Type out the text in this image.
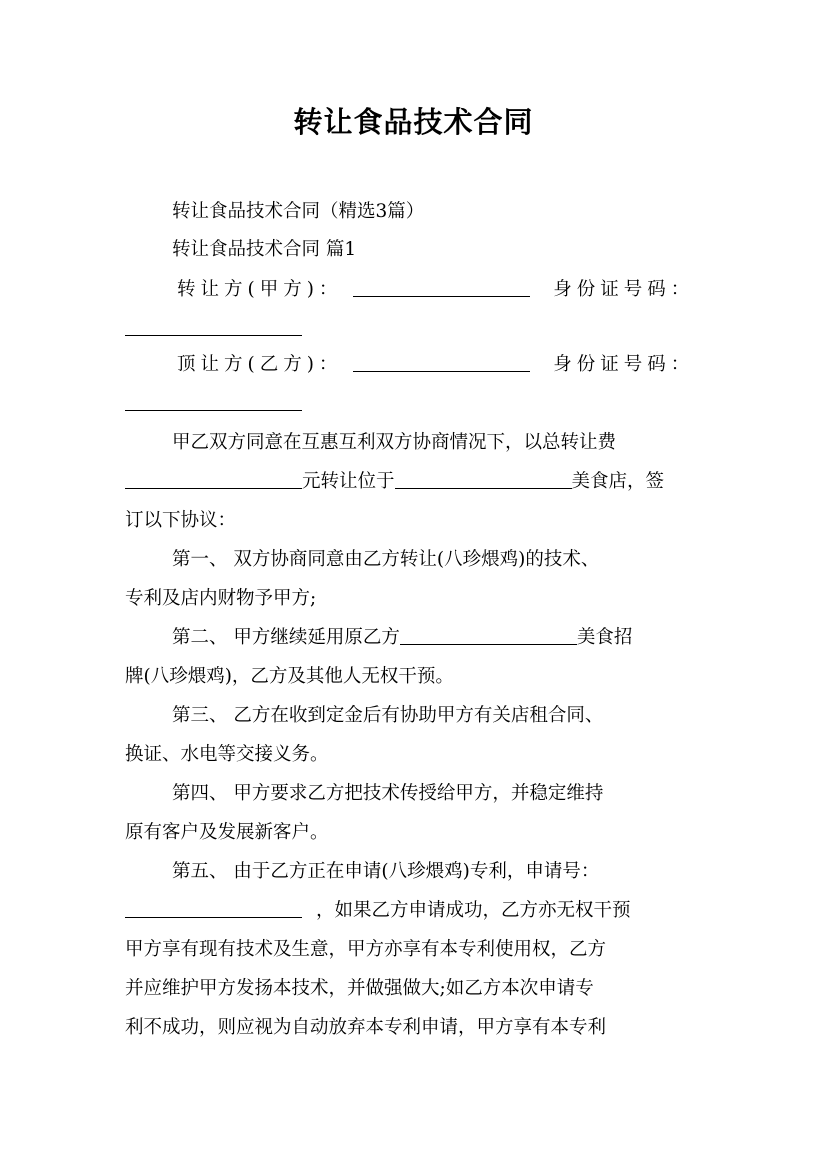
转让食品技术合同
转让食品技术合同（精选3篇）
转让食品技术合同 篇1
转让方(甲方)：	身份证号码：
顶让方(乙方)：	身份证号码：
甲乙双方同意在互惠互利双方协商情况下，以总转让费
元转让位于	美食店，签
订以下协议：
第一、 双方协商同意由乙方转让(八珍煨鸡)的技术、
专利及店内财物予甲方;
第二、 甲方继续延用原乙方	美食招
牌(八珍煨鸡)，乙方及其他人无权干预。
第三、 乙方在收到定金后有协助甲方有关店租合同、
换证、水电等交接义务。
第四、 甲方要求乙方把技术传授给甲方，并稳定维持
原有客户及发展新客户。
第五、 由于乙方正在申请(八珍煨鸡)专利，申请号：
，如果乙方申请成功，乙方亦无权干预
甲方享有现有技术及生意，甲方亦享有本专利使用权，乙方
并应维护甲方发扬本技术，并做强做大;如乙方本次申请专
利不成功，则应视为自动放弃本专利申请，甲方享有本专利
